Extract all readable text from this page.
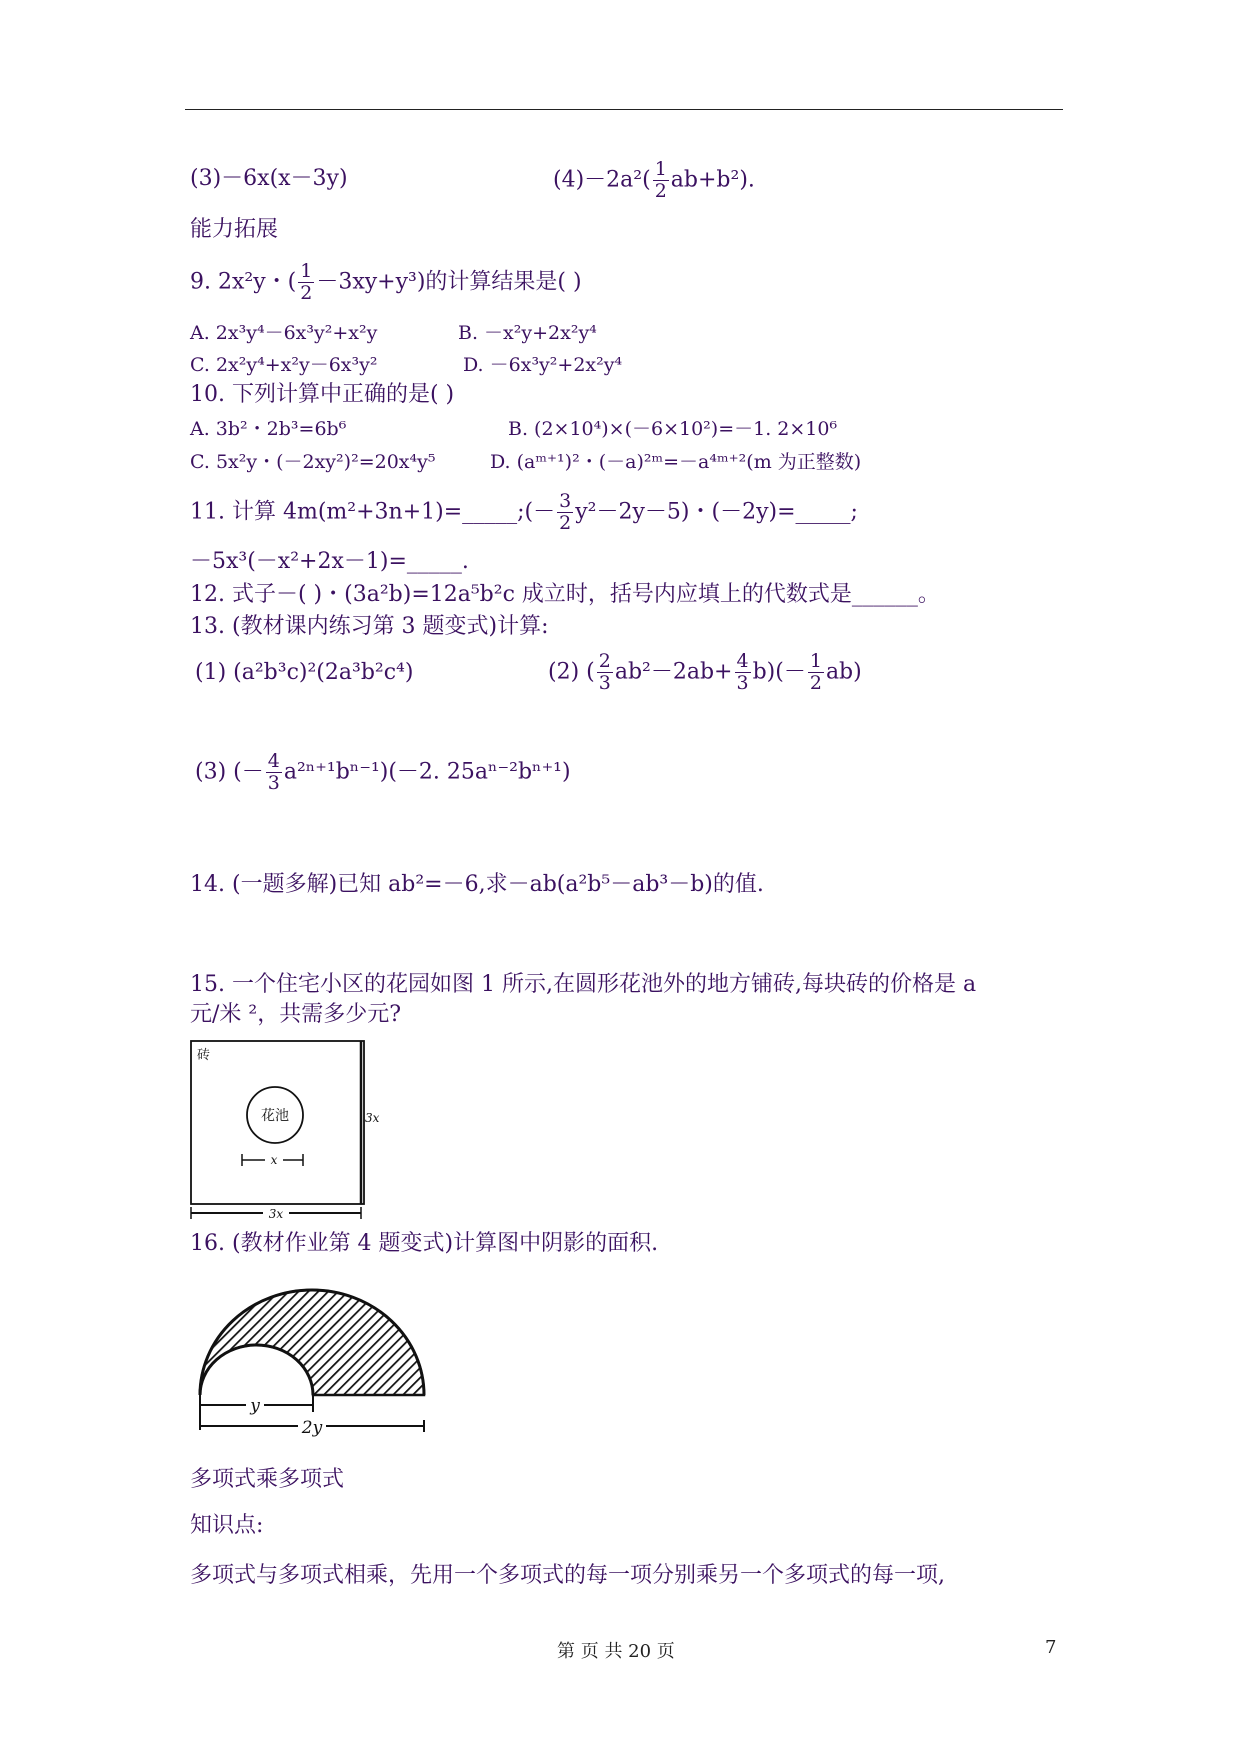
(3)－6x(x－3y)	$(4)-2a^2( \frac{1}{2} ab+b^2)$.
能力拓展
9. 2x²y・( $\frac{1}{2} -3xy+y^3$)的计算结果是( )
A. 2x³y⁴－6x³y²+x²y	B. －x²y+2x²y⁴
C. 2x²y⁴+x²y－6x³y²	D. －6x³y²+2x²y⁴
10. 下列计算中正确的是( )
A. 3b²・2b³=6b⁶	B. (2×10⁴)×(－6×10²)=－1. 2×10⁶
C. 5x²y・(－2xy²)²=20x⁴y⁵	D. (aᵐ⁺¹)²・(－a)²ᵐ=－a⁴ᵐ⁺²(m 为正整数)
11. 计算 4m(m²+3n+1)=_____;(－ $\frac{3}{2} y^2-2y-5$)・(－2y)=_____;
－5x³(－x²+2x－1)=_____.
12. 式子－( )・(3a²b)=12a⁵b²c 成立时，括号内应填上的代数式是______。
13. (教材课内练习第 3 题变式)计算:
(1) (a²b³c)²(2a³b²c⁴)	(2) ( $\frac{2}{3} ab^2-2ab+ \frac{4}{3} b)(- \frac{1}{2} ab)$
(3) (－ $\frac{4}{3} a^{2n+1}b^{n-1})(-2$. 25aⁿ⁻²bⁿ⁺¹)
14. (一题多解)已知 ab²=－6,求－ab(a²b⁵－ab³－b)的值.
15. 一个住宅小区的花园如图 1 所示,在圆形花池外的地方铺砖,每块砖的价格是 a
元/米 ²，共需多少元?
砖
花池
x
3x
3x
16. (教材作业第 4 题变式)计算图中阴影的面积.
y
2y
多项式乘多项式
知识点:
多项式与多项式相乘，先用一个多项式的每一项分别乘另一个多项式的每一项,
第 页 共 20 页	7
